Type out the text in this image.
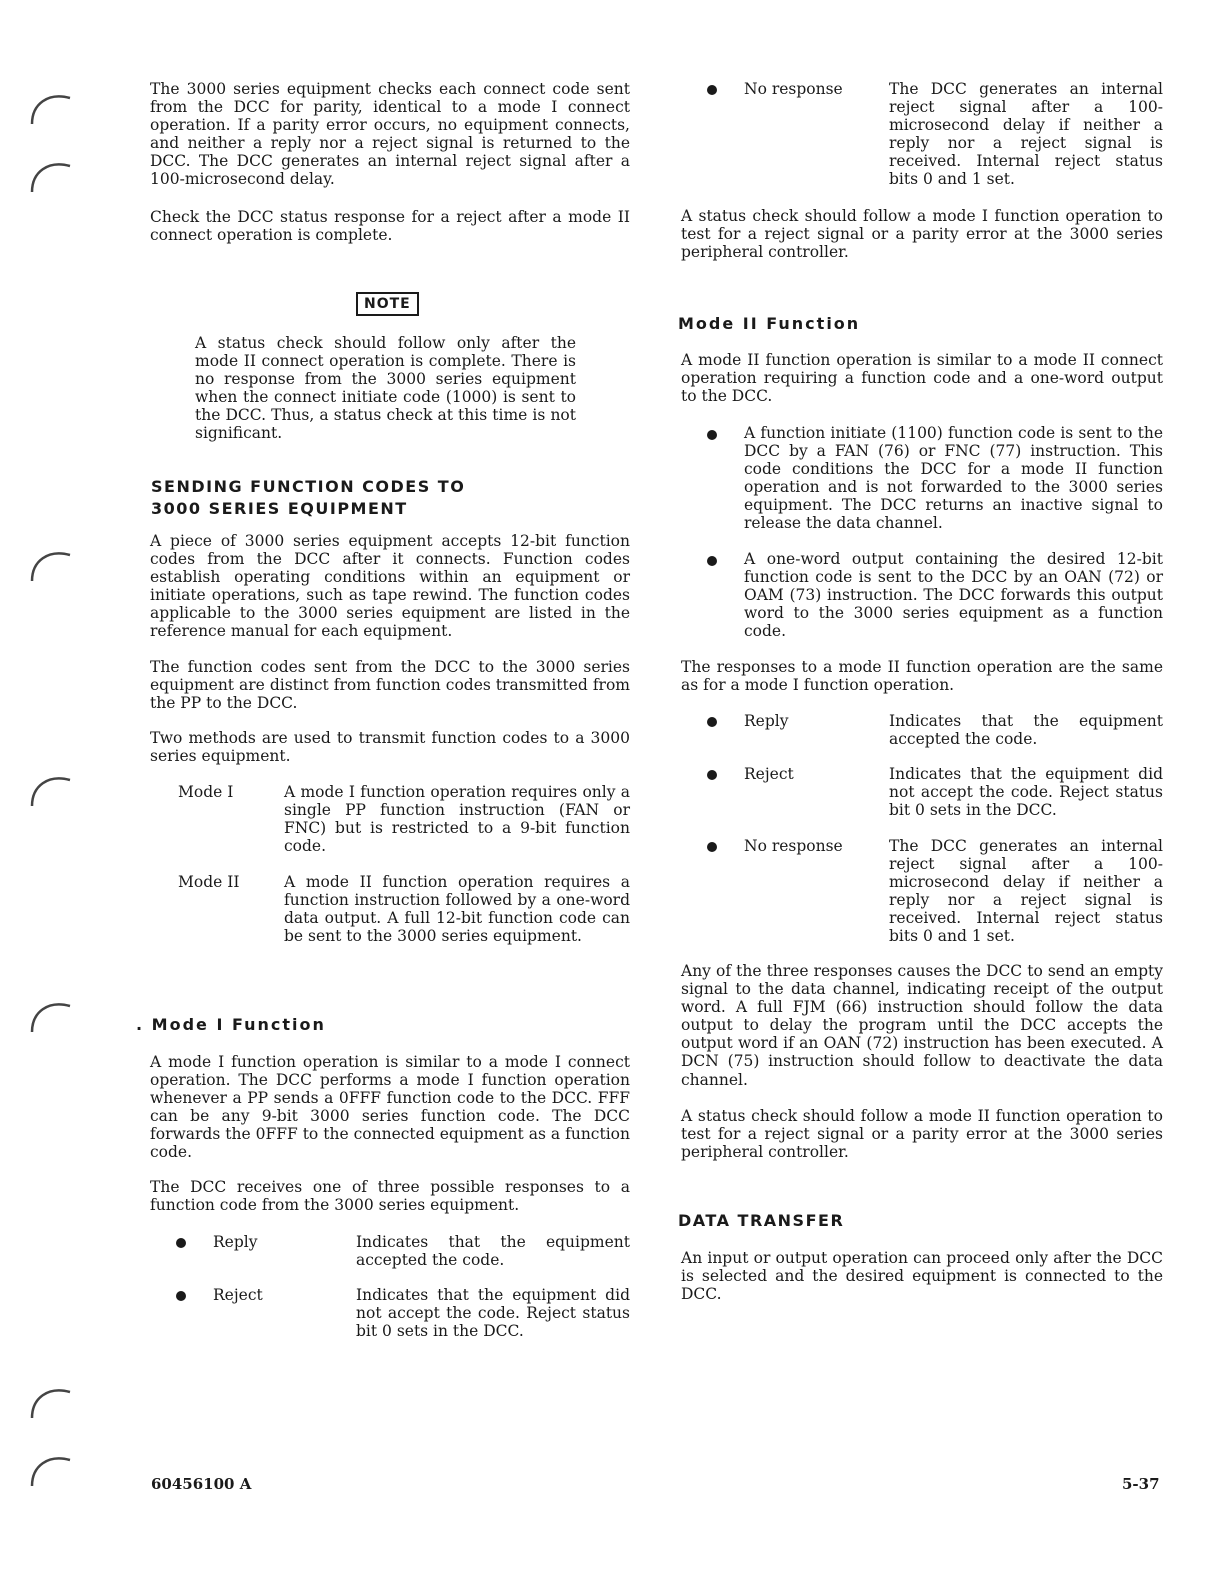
The 3000 series equipment checks each connect code sent from the DCC for parity, identical to a mode I connect operation. If a parity error occurs, no equipment connects, and neither a reply nor a reject signal is returned to the DCC. The DCC generates an internal reject signal after a 100-microsecond delay.

Check the DCC status response for a reject after a mode II connect operation is complete.

NOTE

A status check should follow only after the mode II connect operation is complete. There is no response from the 3000 series equipment when the connect initiate code (1000) is sent to the DCC. Thus, a status check at this time is not significant.

SENDING FUNCTION CODES TO
3000 SERIES EQUIPMENT

A piece of 3000 series equipment accepts 12-bit function codes from the DCC after it connects. Function codes establish operating conditions within an equipment or initiate operations, such as tape rewind. The function codes applicable to the 3000 series equipment are listed in the reference manual for each equipment.

The function codes sent from the DCC to the 3000 series equipment are distinct from function codes transmitted from the PP to the DCC.

Two methods are used to transmit function codes to a 3000 series equipment.

Mode I	A mode I function operation requires only a single PP function instruction (FAN or FNC) but is restricted to a 9-bit function code.

Mode II	A mode II function operation requires a function instruction followed by a one-word data output. A full 12-bit function code can be sent to the 3000 series equipment.

. Mode I Function

A mode I function operation is similar to a mode I connect operation. The DCC performs a mode I function operation whenever a PP sends a 0FFF function code to the DCC. FFF can be any 9-bit 3000 series function code. The DCC forwards the 0FFF to the connected equipment as a function code.

The DCC receives one of three possible responses to a function code from the 3000 series equipment.

Reply	Indicates that the equipment accepted the code.

Reject	Indicates that the equipment did not accept the code. Reject status bit 0 sets in the DCC.

No response	The DCC generates an internal reject signal after a 100-microsecond delay if neither a reply nor a reject signal is received. Internal reject status bits 0 and 1 set.

A status check should follow a mode I function operation to test for a reject signal or a parity error at the 3000 series peripheral controller.

Mode II Function

A mode II function operation is similar to a mode II connect operation requiring a function code and a one-word output to the DCC.

A function initiate (1100) function code is sent to the DCC by a FAN (76) or FNC (77) instruction. This code conditions the DCC for a mode II function operation and is not forwarded to the 3000 series equipment. The DCC returns an inactive signal to release the data channel.

A one-word output containing the desired 12-bit function code is sent to the DCC by an OAN (72) or OAM (73) instruction. The DCC forwards this output word to the 3000 series equipment as a function code.

The responses to a mode II function operation are the same as for a mode I function operation.

Reply	Indicates that the equipment accepted the code.

Reject	Indicates that the equipment did not accept the code. Reject status bit 0 sets in the DCC.

No response	The DCC generates an internal reject signal after a 100-microsecond delay if neither a reply nor a reject signal is received. Internal reject status bits 0 and 1 set.

Any of the three responses causes the DCC to send an empty signal to the data channel, indicating receipt of the output word. A full FJM (66) instruction should follow the data output to delay the program until the DCC accepts the output word if an OAN (72) instruction has been executed. A DCN (75) instruction should follow to deactivate the data channel.

A status check should follow a mode II function operation to test for a reject signal or a parity error at the 3000 series peripheral controller.

DATA TRANSFER

An input or output operation can proceed only after the DCC is selected and the desired equipment is connected to the DCC.

60456100 A	5-37
